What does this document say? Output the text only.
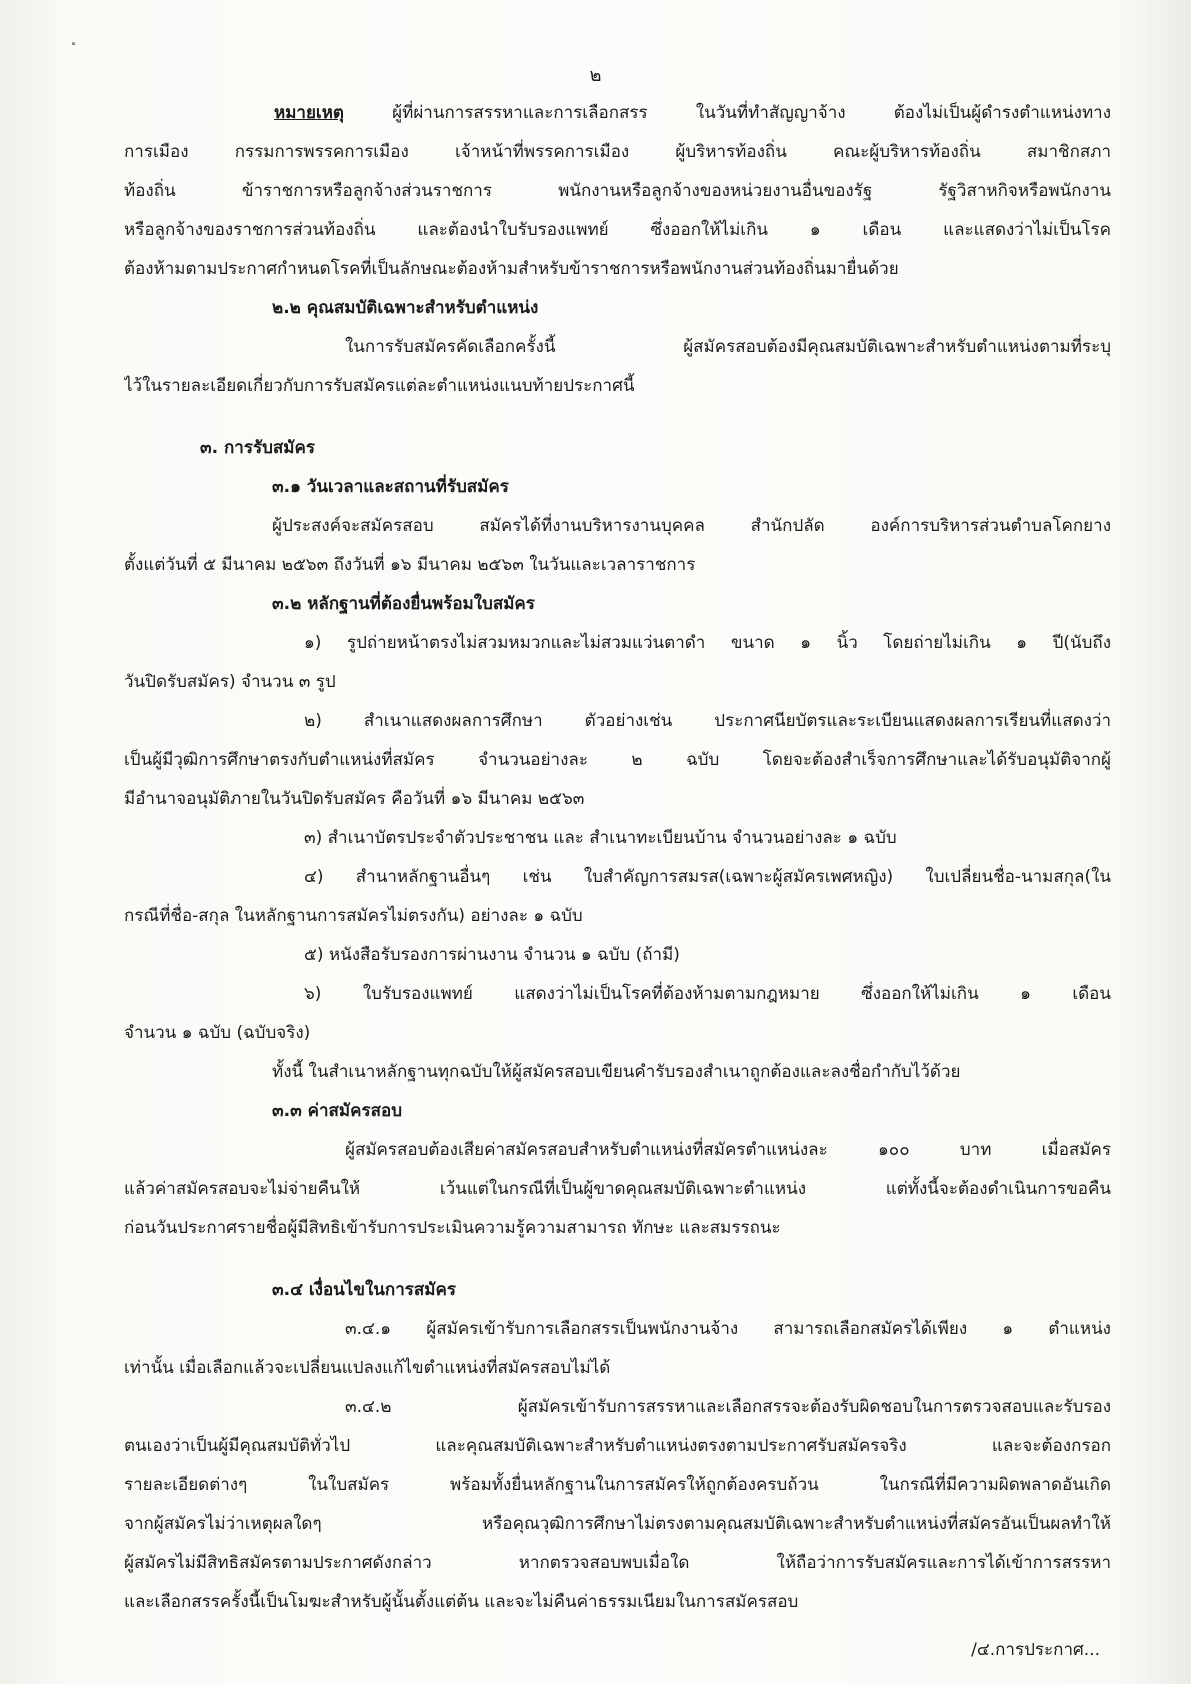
˟
๒
หมายเหตุ	ผู้ที่ผ่านการสรรหาและการเลือกสรร ในวันที่ทำสัญญาจ้าง ต้องไม่เป็นผู้ดำรงตำแหน่งทาง
การเมือง กรรมการพรรคการเมือง เจ้าหน้าที่พรรคการเมือง ผู้บริหารท้องถิ่น คณะผู้บริหารท้องถิ่น สมาชิกสภา
ท้องถิ่น ข้าราชการหรือลูกจ้างส่วนราชการ พนักงานหรือลูกจ้างของหน่วยงานอื่นของรัฐ รัฐวิสาหกิจหรือพนักงาน
หรือลูกจ้างของราชการส่วนท้องถิ่น และต้องนำใบรับรองแพทย์ ซึ่งออกให้ไม่เกิน ๑ เดือน และแสดงว่าไม่เป็นโรค
ต้องห้ามตามประกาศกำหนดโรคที่เป็นลักษณะต้องห้ามสำหรับข้าราชการหรือพนักงานส่วนท้องถิ่นมายื่นด้วย
๒.๒ คุณสมบัติเฉพาะสำหรับตำแหน่ง
ในการรับสมัครคัดเลือกครั้งนี้ ผู้สมัครสอบต้องมีคุณสมบัติเฉพาะสำหรับตำแหน่งตามที่ระบุ
ไว้ในรายละเอียดเกี่ยวกับการรับสมัครแต่ละตำแหน่งแนบท้ายประกาศนี้
๓. การรับสมัคร
๓.๑ วันเวลาและสถานที่รับสมัคร
ผู้ประสงค์จะสมัครสอบ สมัครได้ที่งานบริหารงานบุคคล สำนักปลัด องค์การบริหารส่วนตำบลโคกยาง
ตั้งแต่วันที่ ๕ มีนาคม ๒๕๖๓ ถึงวันที่ ๑๖ มีนาคม ๒๕๖๓ ในวันและเวลาราชการ
๓.๒ หลักฐานที่ต้องยื่นพร้อมใบสมัคร
๑) รูปถ่ายหน้าตรงไม่สวมหมวกและไม่สวมแว่นตาดำ ขนาด ๑ นิ้ว โดยถ่ายไม่เกิน ๑ ปี(นับถึง
วันปิดรับสมัคร) จำนวน ๓ รูป
๒) สำเนาแสดงผลการศึกษา ตัวอย่างเช่น ประกาศนียบัตรและระเบียนแสดงผลการเรียนที่แสดงว่า
เป็นผู้มีวุฒิการศึกษาตรงกับตำแหน่งที่สมัคร จำนวนอย่างละ ๒ ฉบับ โดยจะต้องสำเร็จการศึกษาและได้รับอนุมัติจากผู้
มีอำนาจอนุมัติภายในวันปิดรับสมัคร คือวันที่ ๑๖ มีนาคม ๒๕๖๓
๓) สำเนาบัตรประจำตัวประชาชน และ สำเนาทะเบียนบ้าน จำนวนอย่างละ ๑ ฉบับ
๔) สำนาหลักฐานอื่นๆ เช่น ใบสำคัญการสมรส(เฉพาะผู้สมัครเพศหญิง) ใบเปลี่ยนชื่อ-นามสกุล(ใน
กรณีที่ชื่อ-สกุล ในหลักฐานการสมัครไม่ตรงกัน) อย่างละ ๑ ฉบับ
๕) หนังสือรับรองการผ่านงาน จำนวน ๑ ฉบับ (ถ้ามี)
๖) ใบรับรองแพทย์ แสดงว่าไม่เป็นโรคที่ต้องห้ามตามกฎหมาย ซึ่งออกให้ไม่เกิน ๑ เดือน
จำนวน ๑ ฉบับ (ฉบับจริง)
ทั้งนี้ ในสำเนาหลักฐานทุกฉบับให้ผู้สมัครสอบเขียนคำรับรองสำเนาถูกต้องและลงชื่อกำกับไว้ด้วย
๓.๓ ค่าสมัครสอบ
ผู้สมัครสอบต้องเสียค่าสมัครสอบสำหรับตำแหน่งที่สมัครตำแหน่งละ ๑๐๐ บาท เมื่อสมัคร
แล้วค่าสมัครสอบจะไม่จ่ายคืนให้ เว้นแต่ในกรณีที่เป็นผู้ขาดคุณสมบัติเฉพาะตำแหน่ง แต่ทั้งนี้จะต้องดำเนินการขอคืน
ก่อนวันประกาศรายชื่อผู้มีสิทธิเข้ารับการประเมินความรู้ความสามารถ ทักษะ และสมรรถนะ
๓.๔ เงื่อนไขในการสมัคร
๓.๔.๑ ผู้สมัครเข้ารับการเลือกสรรเป็นพนักงานจ้าง สามารถเลือกสมัครได้เพียง ๑ ตำแหน่ง
เท่านั้น เมื่อเลือกแล้วจะเปลี่ยนแปลงแก้ไขตำแหน่งที่สมัครสอบไม่ได้
๓.๔.๒ ผู้สมัครเข้ารับการสรรหาและเลือกสรรจะต้องรับผิดชอบในการตรวจสอบและรับรอง
ตนเองว่าเป็นผู้มีคุณสมบัติทั่วไป และคุณสมบัติเฉพาะสำหรับตำแหน่งตรงตามประกาศรับสมัครจริง และจะต้องกรอก
รายละเอียดต่างๆ ในใบสมัคร พร้อมทั้งยื่นหลักฐานในการสมัครให้ถูกต้องครบถ้วน ในกรณีที่มีความผิดพลาดอันเกิด
จากผู้สมัครไม่ว่าเหตุผลใดๆ หรือคุณวุฒิการศึกษาไม่ตรงตามคุณสมบัติเฉพาะสำหรับตำแหน่งที่สมัครอันเป็นผลทำให้
ผู้สมัครไม่มีสิทธิสมัครตามประกาศดังกล่าว หากตรวจสอบพบเมื่อใด ให้ถือว่าการรับสมัครและการได้เข้าการสรรหา
และเลือกสรรครั้งนี้เป็นโมฆะสำหรับผู้นั้นตั้งแต่ต้น และจะไม่คืนค่าธรรมเนียมในการสมัครสอบ
/๔.การประกาศ...
